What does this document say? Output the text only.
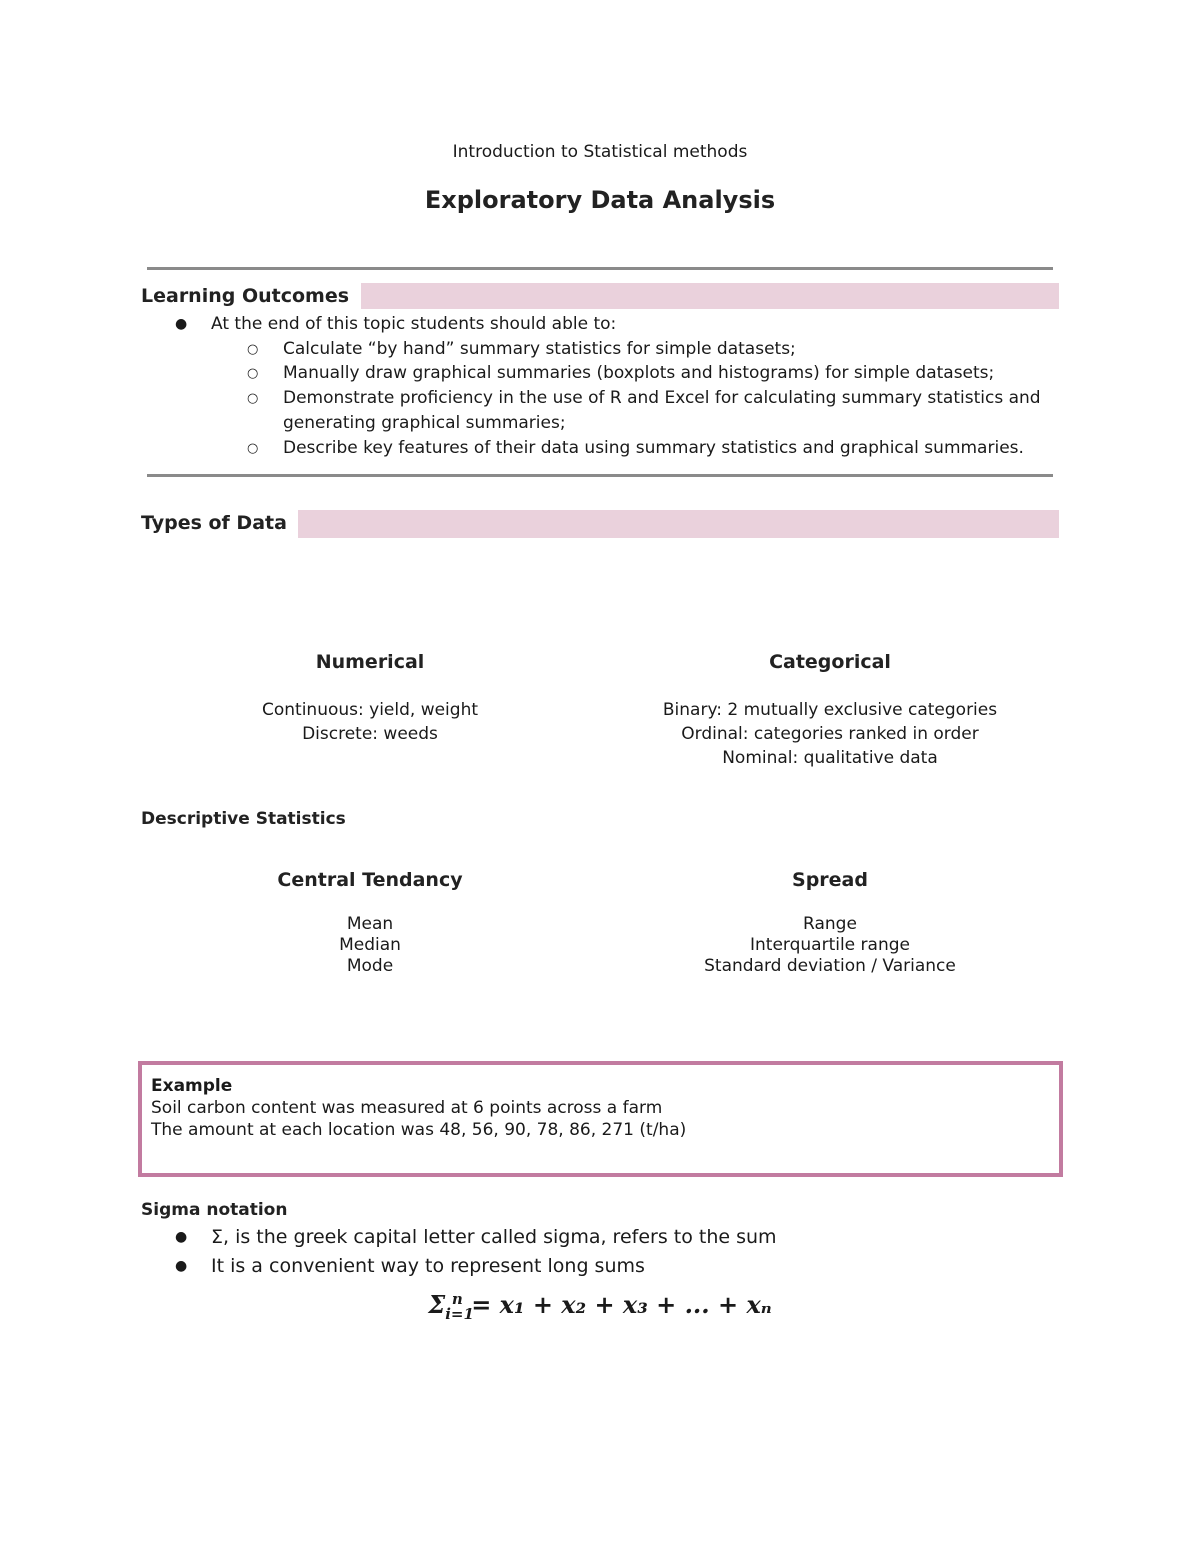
Introduction to Statistical methods
Exploratory Data Analysis
Learning Outcomes
● At the end of this topic students should able to:
○ Calculate “by hand” summary statistics for simple datasets;
○ Manually draw graphical summaries (boxplots and histograms) for simple datasets;
○ Demonstrate proficiency in the use of R and Excel for calculating summary statistics and generating graphical summaries;
○ Describe key features of their data using summary statistics and graphical summaries.
Types of Data
Numerical
Continuous: yield, weight
Discrete: weeds
Categorical
Binary: 2 mutually exclusive categories
Ordinal: categories ranked in order
Nominal: qualitative data
Descriptive Statistics
Central Tendancy
Mean
Median
Mode
Spread
Range
Interquartile range
Standard deviation / Variance
Example
Soil carbon content was measured at 6 points across a farm
The amount at each location was 48, 56, 90, 78, 86, 271 (t/ha)
Sigma notation
● Σ, is the greek capital letter called sigma, refers to the sum
● It is a convenient way to represent long sums
$\Sigma_{i=1}^n = x_1 + x_2 + x_3$ + ... + xₙ
